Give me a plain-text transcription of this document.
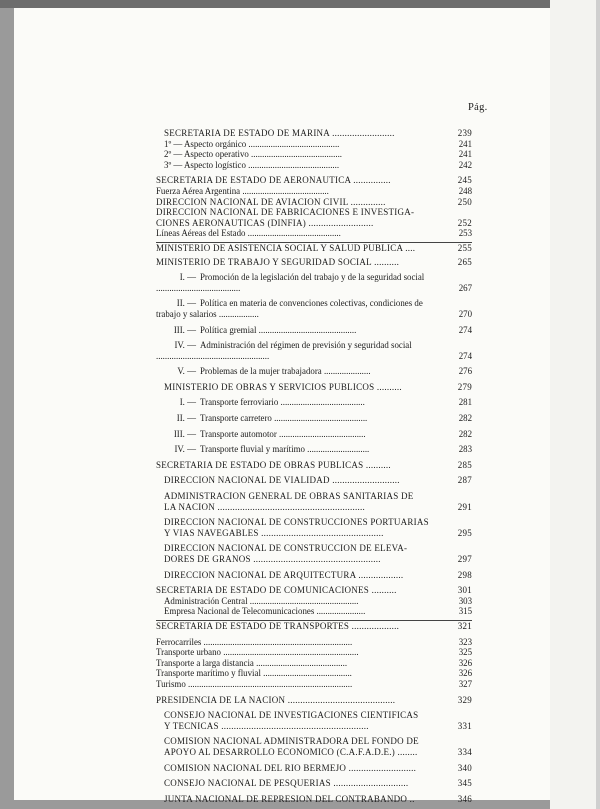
Pág.
SECRETARIA DE ESTADO DE MARINA .........................	239
1º — Aspecto orgánico .........................................	241
2º — Aspecto operativo .........................................	241
3º — Aspecto logístico .........................................	242
SECRETARIA DE ESTADO DE AERONAUTICA ...............	245
Fuerza Aérea Argentina .......................................	248
DIRECCION NACIONAL DE AVIACION CIVIL ..............	250
DIRECCION NACIONAL DE FABRICACIONES E INVESTIGA-
CIONES AERONAUTICAS (DINFIA) ..........................	252
Líneas Aéreas del Estado ..........................................	253
MINISTERIO DE ASISTENCIA SOCIAL Y SALUD PUBLICA ....	255
MINISTERIO DE TRABAJO Y SEGURIDAD SOCIAL ..........	265
I. — Promoción de la legislación del trabajo y de la seguridad social ......................................	267
II. — Política en materia de convenciones colectivas, condiciones de trabajo y salarios ..................	270
III. — Política gremial ............................................	274
IV. — Administración del régimen de previsión y seguridad social ...................................................	274
V. — Problemas de la mujer trabajadora .....................	276
MINISTERIO DE OBRAS Y SERVICIOS PUBLICOS ..........	279
I. — Transporte ferroviario ......................................	281
II. — Transporte carretero ..........................................	282
III. — Transporte automotor .......................................	282
IV. — Transporte fluvial y marítimo ............................	283
SECRETARIA DE ESTADO DE OBRAS PUBLICAS ..........	285
DIRECCION NACIONAL DE VIALIDAD ...........................	287
ADMINISTRACION GENERAL DE OBRAS SANITARIAS DE
LA NACION ...........................................................	291
DIRECCION NACIONAL DE CONSTRUCCIONES PORTUARIAS
Y VIAS NAVEGABLES .................................................	295
DIRECCION NACIONAL DE CONSTRUCCION DE ELEVA-
DORES DE GRANOS ...................................................	297
DIRECCION NACIONAL DE ARQUITECTURA ..................	298
SECRETARIA DE ESTADO DE COMUNICACIONES ..........	301
Administración Central .................................................	303
Empresa Nacional de Telecomunicaciones ......................	315
SECRETARIA DE ESTADO DE TRANSPORTES ...................	321
Ferrocarriles ...................................................................	323
Transporte urbano .............................................................	325
Transporte a larga distancia .........................................	326
Transporte marítimo y fluvial ........................................	326
Turismo ..........................................................................	327
PRESIDENCIA DE LA NACION ...........................................	329
CONSEJO NACIONAL DE INVESTIGACIONES CIENTIFICAS
Y TECNICAS ...........................................................	331
COMISION NACIONAL ADMINISTRADORA DEL FONDO DE
APOYO AL DESARROLLO ECONOMICO (C.A.F.A.D.E.) ........	334
COMISION NACIONAL DEL RIO BERMEJO ...........................	340
CONSEJO NACIONAL DE PESQUERIAS ..............................	345
JUNTA NACIONAL DE REPRESION DEL CONTRABANDO ..	346
